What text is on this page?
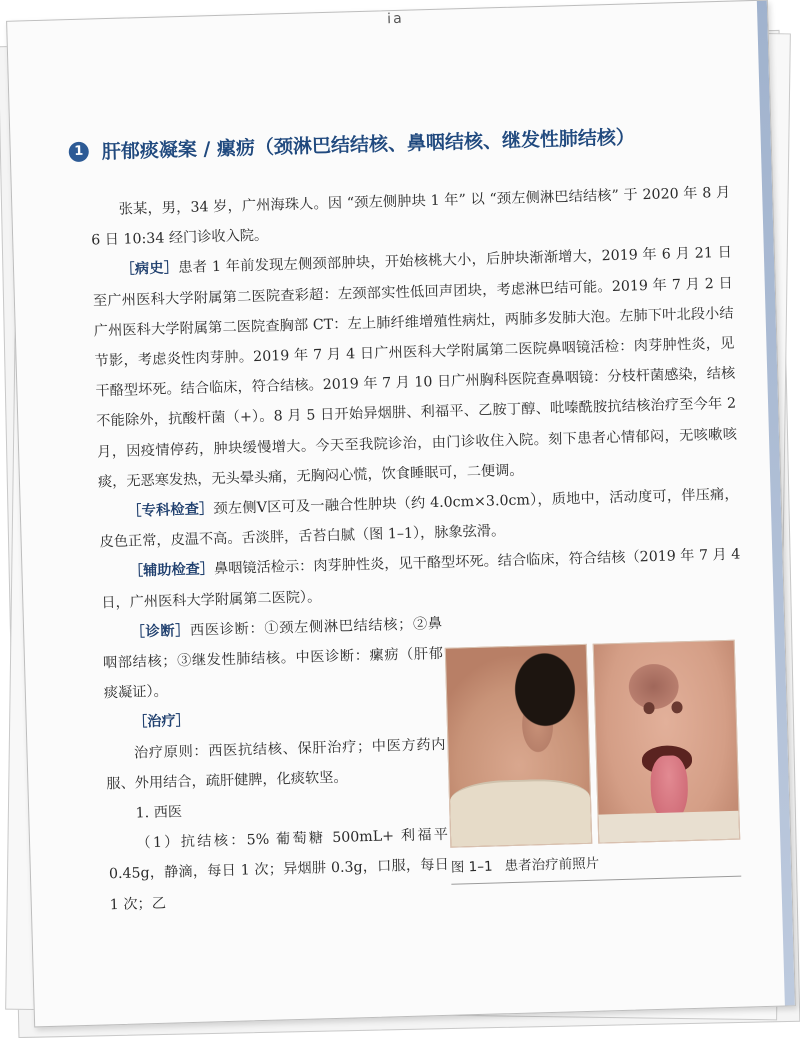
ia
1 肝郁痰凝案 / 瘰疬（颈淋巴结结核、鼻咽结核、继发性肺结核）

张某，男，34 岁，广州海珠人。因 “颈左侧肿块 1 年” 以 “颈左侧淋巴结结核” 于 2020 年 8 月 6 日 10:34 经门诊收入院。

［病史］患者 1 年前发现左侧颈部肿块，开始核桃大小，后肿块渐渐增大，2019 年 6 月 21 日至广州医科大学附属第二医院查彩超：左颈部实性低回声团块，考虑淋巴结可能。2019 年 7 月 2 日广州医科大学附属第二医院查胸部 CT：左上肺纤维增殖性病灶，两肺多发肺大泡。左肺下叶北段小结节影，考虑炎性肉芽肿。2019 年 7 月 4 日广州医科大学附属第二医院鼻咽镜活检：肉芽肿性炎，见干酪型坏死。结合临床，符合结核。2019 年 7 月 10 日广州胸科医院查鼻咽镜：分枝杆菌感染，结核不能除外，抗酸杆菌（+）。8 月 5 日开始异烟肼、利福平、乙胺丁醇、吡嗪酰胺抗结核治疗至今年 2 月，因疫情停药，肿块缓慢增大。今天至我院诊治，由门诊收住入院。刻下患者心情郁闷，无咳嗽咳痰，无恶寒发热，无头晕头痛，无胸闷心慌，饮食睡眠可，二便调。

［专科检查］颈左侧Ⅴ区可及一融合性肿块（约 4.0cm×3.0cm），质地中，活动度可，伴压痛，皮色正常，皮温不高。舌淡胖，舌苔白腻（图 1–1），脉象弦滑。

［辅助检查］鼻咽镜活检示：肉芽肿性炎，见干酪型坏死。结合临床，符合结核（2019 年 7 月 4 日，广州医科大学附属第二医院）。

［诊断］西医诊断：①颈左侧淋巴结结核；②鼻咽部结核；③继发性肺结核。中医诊断：瘰疬（肝郁痰凝证）。

［治疗］

治疗原则：西医抗结核、保肝治疗；中医方药内服、外用结合，疏肝健脾，化痰软坚。

1. 西医

（1）抗结核：5% 葡萄糖 500mL+ 利福平 0.45g，静滴，每日 1 次；异烟肼 0.3g，口服，每日 1 次；乙

图 1–1 患者治疗前照片
